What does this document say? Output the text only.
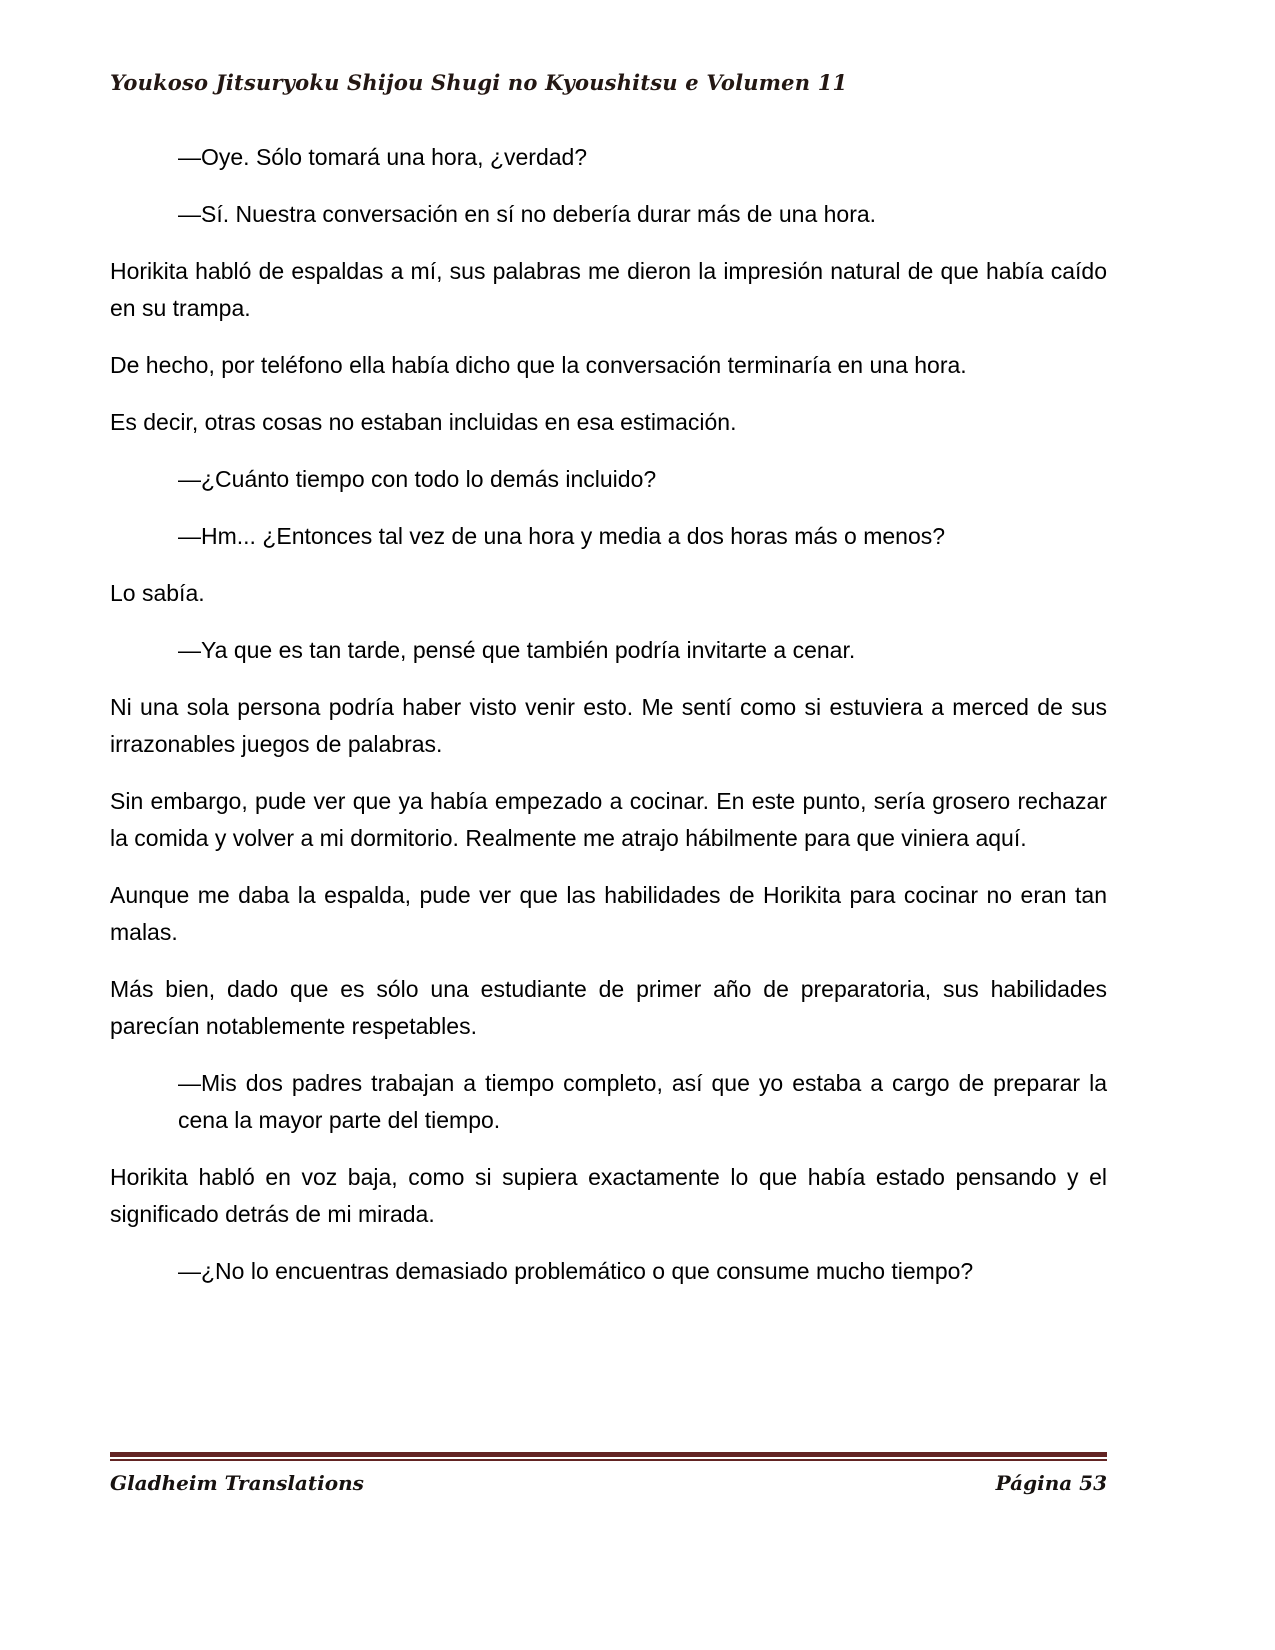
Youkoso Jitsuryoku Shijou Shugi no Kyoushitsu e Volumen 11

—Oye. Sólo tomará una hora, ¿verdad?

—Sí. Nuestra conversación en sí no debería durar más de una hora.

Horikita habló de espaldas a mí, sus palabras me dieron la impresión natural de que había caído en su trampa.

De hecho, por teléfono ella había dicho que la conversación terminaría en una hora.

Es decir, otras cosas no estaban incluidas en esa estimación.

—¿Cuánto tiempo con todo lo demás incluido?

—Hm... ¿Entonces tal vez de una hora y media a dos horas más o menos?

Lo sabía.

—Ya que es tan tarde, pensé que también podría invitarte a cenar.

Ni una sola persona podría haber visto venir esto. Me sentí como si estuviera a merced de sus irrazonables juegos de palabras.

Sin embargo, pude ver que ya había empezado a cocinar. En este punto, sería grosero rechazar la comida y volver a mi dormitorio. Realmente me atrajo hábilmente para que viniera aquí.

Aunque me daba la espalda, pude ver que las habilidades de Horikita para cocinar no eran tan malas.

Más bien, dado que es sólo una estudiante de primer año de preparatoria, sus habilidades parecían notablemente respetables.

—Mis dos padres trabajan a tiempo completo, así que yo estaba a cargo de preparar la cena la mayor parte del tiempo.

Horikita habló en voz baja, como si supiera exactamente lo que había estado pensando y el significado detrás de mi mirada.

—¿No lo encuentras demasiado problemático o que consume mucho tiempo?

Gladheim Translations	Página 53
